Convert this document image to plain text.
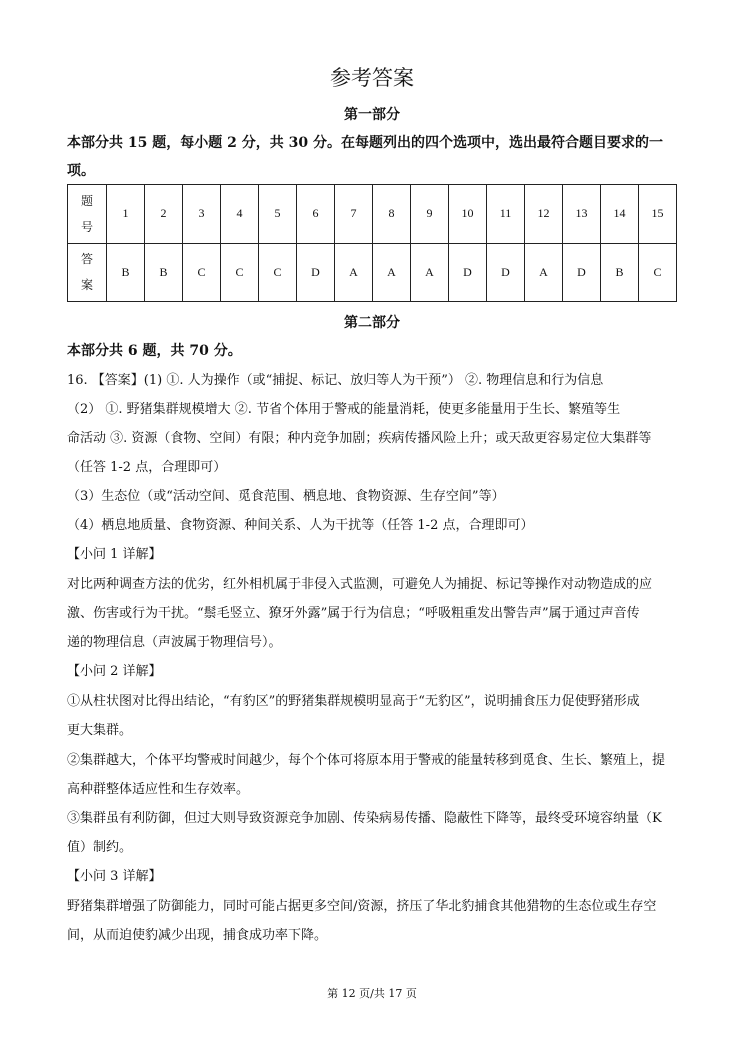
参考答案
第一部分
本部分共 15 题，每小题 2 分，共 30 分。在每题列出的四个选项中，选出最符合题目要求的一
项。
题
号	1	2	3	4	5	6	7	8	9	10	11	12	13	14	15

答
案	B	B	C	C	C	D	A	A	A	D	D	A	D	B	C
第二部分
本部分共 6 题，共 70 分。
16. 【答案】(1) ①. 人为操作（或“捕捉、标记、放归等人为干预”） ②. 物理信息和行为信息
（2） ①. 野猪集群规模增大 ②. 节省个体用于警戒的能量消耗，使更多能量用于生长、繁殖等生
命活动 ③. 资源（食物、空间）有限；种内竞争加剧；疾病传播风险上升；或天敌更容易定位大集群等
（任答 1-2 点，合理即可）
（3）生态位（或“活动空间、觅食范围、栖息地、食物资源、生存空间”等）
（4）栖息地质量、食物资源、种间关系、人为干扰等（任答 1-2 点，合理即可）
【小问 1 详解】
对比两种调查方法的优劣，红外相机属于非侵入式监测，可避免人为捕捉、标记等操作对动物造成的应
激、伤害或行为干扰。“鬃毛竖立、獠牙外露”属于行为信息；“呼吸粗重发出警告声”属于通过声音传
递的物理信息（声波属于物理信号）。
【小问 2 详解】
①从柱状图对比得出结论，“有豹区”的野猪集群规模明显高于“无豹区”，说明捕食压力促使野猪形成
更大集群。
②集群越大，个体平均警戒时间越少，每个个体可将原本用于警戒的能量转移到觅食、生长、繁殖上，提
高种群整体适应性和生存效率。
③集群虽有利防御，但过大则导致资源竞争加剧、传染病易传播、隐蔽性下降等，最终受环境容纳量（K
值）制约。
【小问 3 详解】
野猪集群增强了防御能力，同时可能占据更多空间/资源，挤压了华北豹捕食其他猎物的生态位或生存空
间，从而迫使豹减少出现，捕食成功率下降。
第 12 页/共 17 页
